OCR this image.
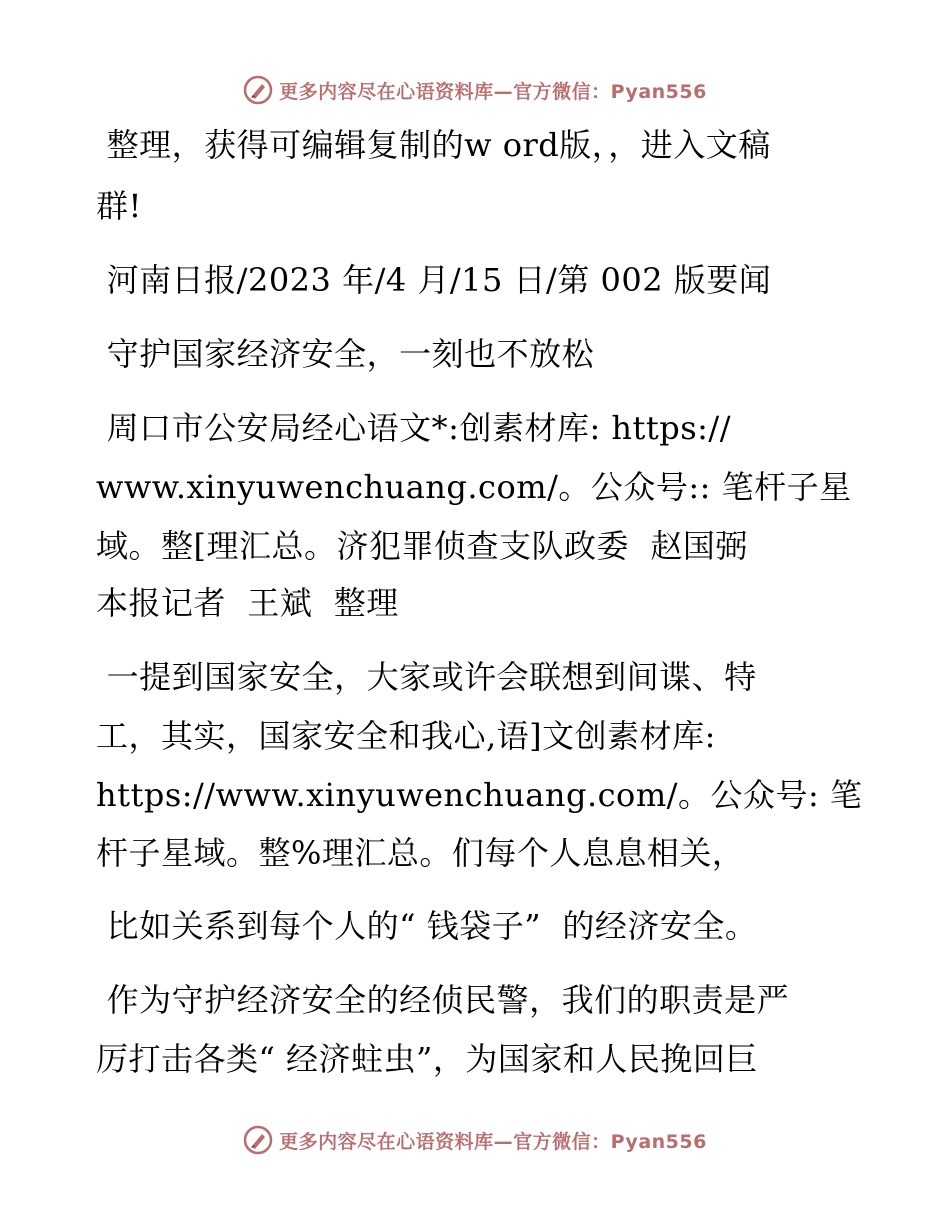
更多内容尽在心语资料库—官方微信：Pyan556
整理，获得可编辑复制的w ord版，，进入文稿
群!
河南日报/2023 年/4 月/15 日/第 002 版要闻
守护国家经济安全，一刻也不放松
周口市公安局经心语文*:创素材库: https://
www.xinyuwenchuang.com/。公众号:: 笔杆子星
域。整[理汇总。济犯罪侦查支队政委  赵国弼
本报记者  王斌  整理
一提到国家安全，大家或许会联想到间谍、特
工，其实，国家安全和我心,语]文创素材库:
https://www.xinyuwenchuang.com/。公众号: 笔
杆子星域。整%理汇总。们每个人息息相关，
比如关系到每个人的“ 钱袋子”  的经济安全。
作为守护经济安全的经侦民警，我们的职责是严
厉打击各类“ 经济蛀虫”，为国家和人民挽回巨
更多内容尽在心语资料库—官方微信：Pyan556
